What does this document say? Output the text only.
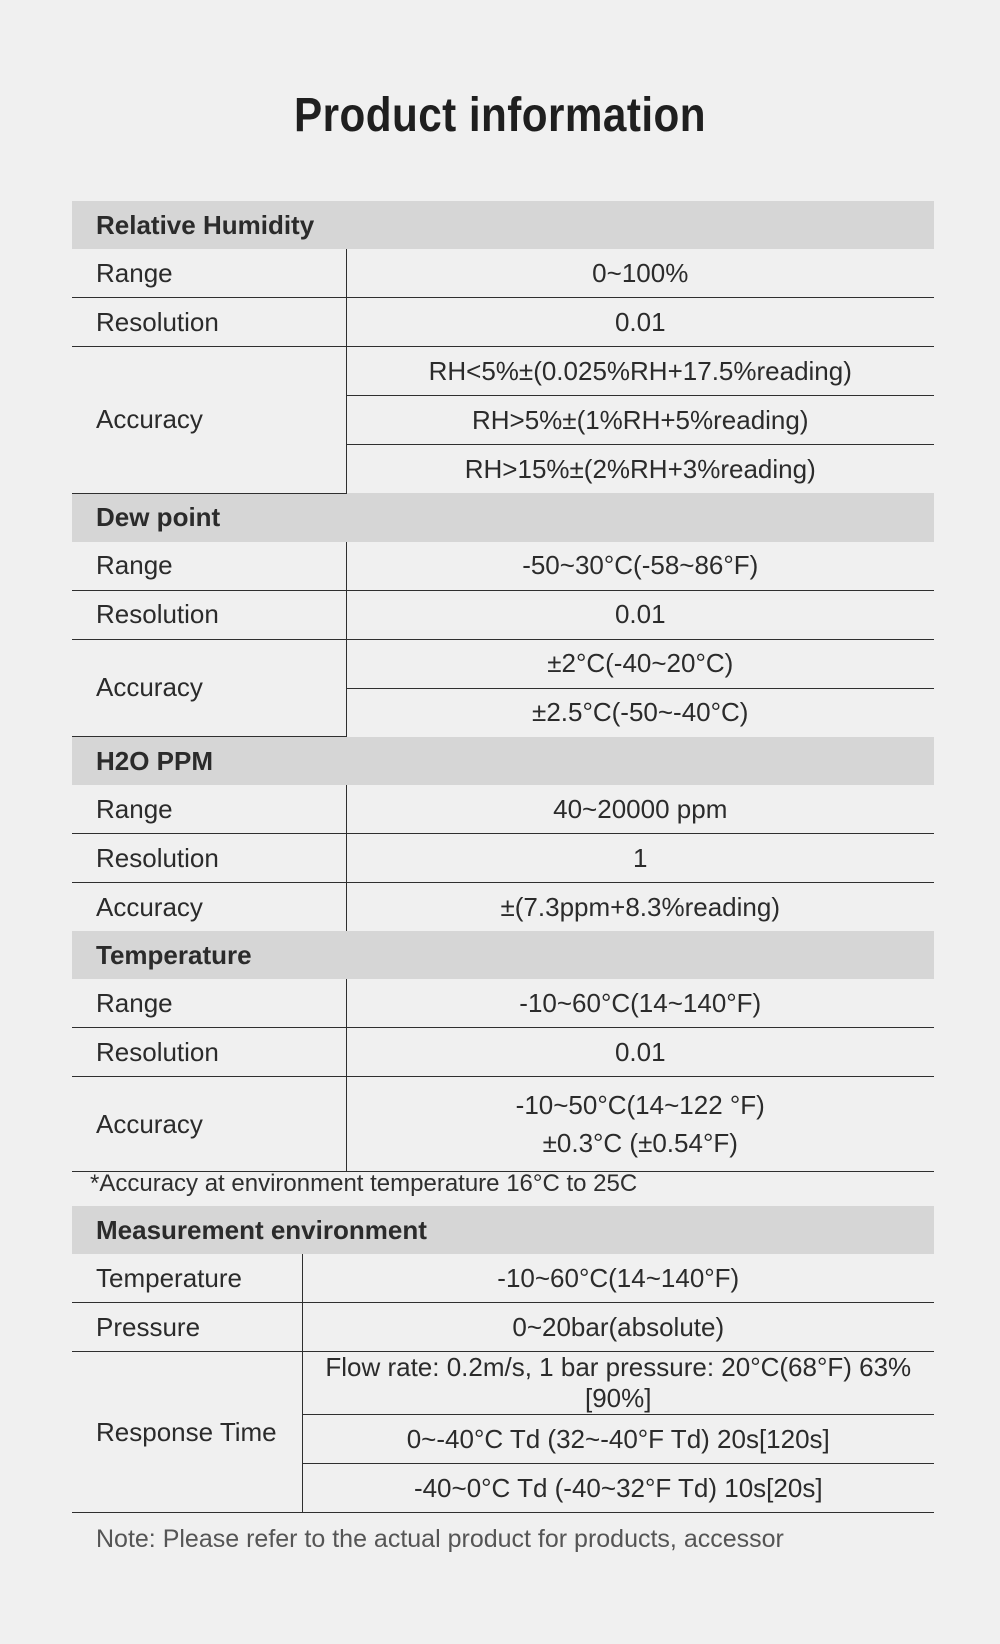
Product information
Relative Humidity	
Range	0~100%
Resolution	0.01
Accuracy	RH<5%±(0.025%RH+17.5%reading)
	RH>5%±(1%RH+5%reading)
	RH>15%±(2%RH+3%reading)
Dew point	
Range	-50~30°C(-58~86°F)
Resolution	0.01
Accuracy	±2°C(-40~20°C)
	±2.5°C(-50~-40°C)
H2O PPM	
Range	40~20000 ppm
Resolution	1
Accuracy	±(7.3ppm+8.3%reading)
Temperature	
Range	-10~60°C(14~140°F)
Resolution	0.01
Accuracy	-10~50°C(14~122 °F)
±0.3°C (±0.54°F)
*Accuracy at environment temperature 16°C to 25C
Measurement environment	
Temperature	-10~60°C(14~140°F)
Pressure	0~20bar(absolute)
Response Time	Flow rate: 0.2m/s, 1 bar pressure: 20°C(68°F) 63%[90%]
	0~-40°C Td (32~-40°F Td) 20s[120s]
	-40~0°C Td (-40~32°F Td) 10s[20s]
Note: Please refer to the actual product for products, accessor
